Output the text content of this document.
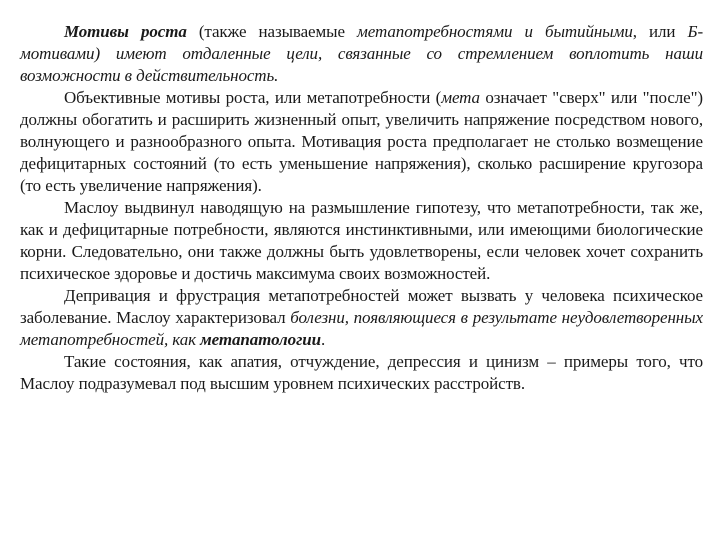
Мотивы роста (также называемые метапотребностями и бытийными, или Б-мотивами) имеют отдаленные цели, связанные со стремлением воплотить наши возможности в действительность.

Объективные мотивы роста, или метапотребности (мета означает "сверх" или "после") должны обогатить и расширить жизненный опыт, увеличить напряжение посредством нового, волнующего и разнообразного опыта. Мотивация роста предполагает не столько возмещение дефицитарных состояний (то есть уменьшение напряжения), сколько расширение кругозора (то есть увеличение напряжения).

Маслоу выдвинул наводящую на размышление гипотезу, что метапотребности, так же, как и дефицитарные потребности, являются инстинктивными, или имеющими биологические корни. Следовательно, они также должны быть удовлетворены, если человек хочет сохранить психическое здоровье и достичь максимума своих возможностей.

Депривация и фрустрация метапотребностей может вызвать у человека психическое заболевание. Маслоу характеризовал болезни, появляющиеся в результате неудовлетворенных метапотребностей, как метапатологии.

Такие состояния, как апатия, отчуждение, депрессия и цинизм – примеры того, что Маслоу подразумевал под высшим уровнем психических расстройств.
